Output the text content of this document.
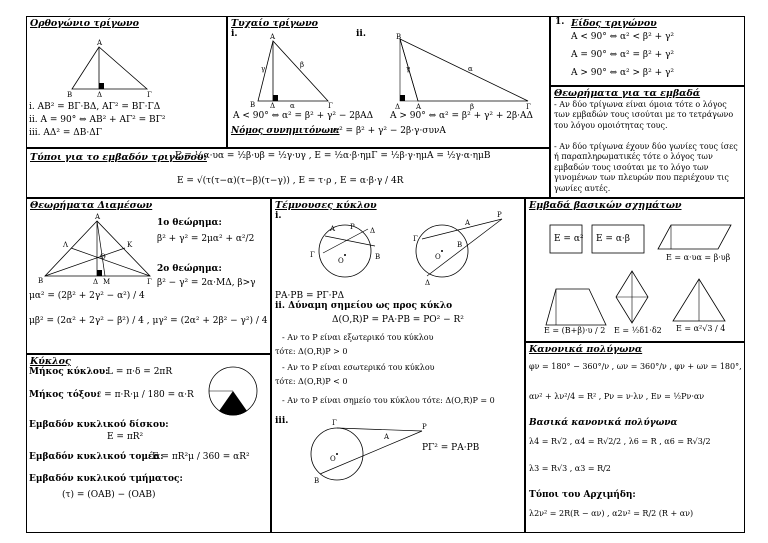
Ορθογώνιο τρίγωνο
Α
Β	Δ	Γ
i. ΑΒ² = ΒΓ·ΒΔ, ΑΓ² = ΒΓ·ΓΔ
ii. Α = 90° ⇔ ΑΒ² + ΑΓ² = ΒΓ²
iii. ΑΔ² = ΔΒ·ΔΓ
Τυχαίο τρίγωνο
i.	ii.
Α
Β Δ	Γ
γ	β
α
Β
Δ Α	Γ
γ	α
β
Α < 90° ⇔ α² = β² + γ² − 2βΑΔ Α > 90° ⇔ α² = β² + γ² + 2β·ΑΔ
Νόμος συνημιτόνων:
α² = β² + γ² − 2β·γ·συνΑ
1. Είδος τριγώνου
Α < 90° ⇔ α² < β² + γ²
Α = 90° ⇔ α² = β² + γ²
Α > 90° ⇔ α² > β² + γ²
Θεωρήματα για τα εμβαδά
- Αν δύο τρίγωνα είναι όμοια τότε ο λόγος των εμβαδών τους ισούται με το τετράγωνο του λόγου ομοιότητας τους.
- Αν δύο τρίγωνα έχουν δύο γωνίες τους ίσες ή παραπληρωματικές τότε ο λόγος των εμβαδών τους ισούται με το λόγο των γινομένων των πλευρών που περιέχουν τις γωνίες αυτές.
Τύποι για το εμβαδόν τριγώνου:
Ε = ½α·υα = ½β·υβ = ½γ·υγ , Ε = ½α·β·ημΓ = ½β·γ·ημΑ = ½γ·α·ημΒ
Ε = √(τ(τ−α)(τ−β)(τ−γ)) , Ε = τ·ρ , Ε = α·β·γ / 4R
Θεωρήματα Διαμέσων
Α
Κ
Λ
Θ
Β	Δ Μ	Γ
1ο θεώρημα:
β² + γ² = 2μα² + α²/2
2ο θεώρημα:
β² − γ² = 2α·ΜΔ, β>γ
μα² = (2β² + 2γ² − α²) / 4
μβ² = (2α² + 2γ² − β²) / 4 , μγ² = (2α² + 2β² − γ²) / 4
Τέμνουσες κύκλου
i.
Α Ρ Δ
Γ
Ο	Β
Ρ
Α
Β
Γ
Ο
Δ
ΡΑ·ΡΒ = ΡΓ·ΡΔ
ii. Δύναμη σημείου ως προς κύκλο
Δ(Ο,R)Ρ = ΡΑ·ΡΒ = ΡΟ² − R²
- Αν το Ρ είναι εξωτερικό του κύκλου
τότε: Δ(Ο,R)Ρ > 0
- Αν το Ρ είναι εσωτερικό του κύκλου
τότε: Δ(Ο,R)Ρ < 0
- Αν το Ρ είναι σημείο του κύκλου τότε: Δ(Ο,R)Ρ = 0
iii.	Γ	Ρ
Α
Ο
Β
ΡΓ² = ΡΑ·ΡΒ
Εμβαδά βασικών σχημάτων
Ε = α² Ε = α·β
Ε = α·υα = β·υβ
Ε = (Β+β)·υ / 2 Ε = ½δ1·δ2 Ε = α²√3 / 4
Κύκλος
Μήκος κύκλου:
L = π·δ = 2πR
Μήκος τόξου:
ℓ = π·R·μ / 180 = α·R
Εμβαδόν κυκλικού δίσκου:
Ε = πR²
Εμβαδόν κυκλικού τομέα:
Ε = πR²μ / 360 = αR²
Εμβαδόν κυκλικού τμήματος:
(τ) = (ΟΑΒ) − (ΟΑΒ)
Κανονικά πολύγωνα
φν = 180° − 360°/ν , ων = 360°/ν , φν + ων = 180°,
αν² + λν²/4 = R² , Pν = ν·λν , Εν = ½Pν·αν
Βασικά κανονικά πολύγωνα
λ4 = R√2 , α4 = R√2/2 , λ6 = R , α6 = R√3/2
λ3 = R√3 , α3 = R/2
Τύποι του Αρχιμήδη:
λ2ν² = 2R(R − αν) , α2ν² = R/2 (R + αν)
